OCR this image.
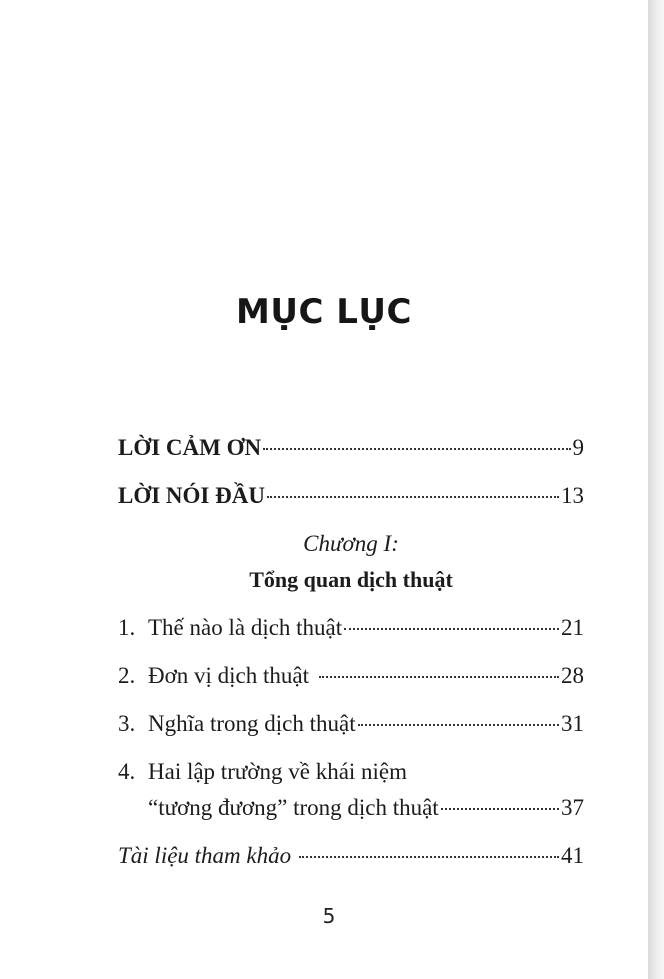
MỤC LỤC
LỜI CẢM ƠN	9
LỜI NÓI ĐẦU	13
Chương I:
Tổng quan dịch thuật
1. Thế nào là dịch thuật	21
2. Đơn vị dịch thuật	28
3. Nghĩa trong dịch thuật	31
4. Hai lập trường về khái niệm
“tương đương” trong dịch thuật	37
Tài liệu tham khảo	41
5
